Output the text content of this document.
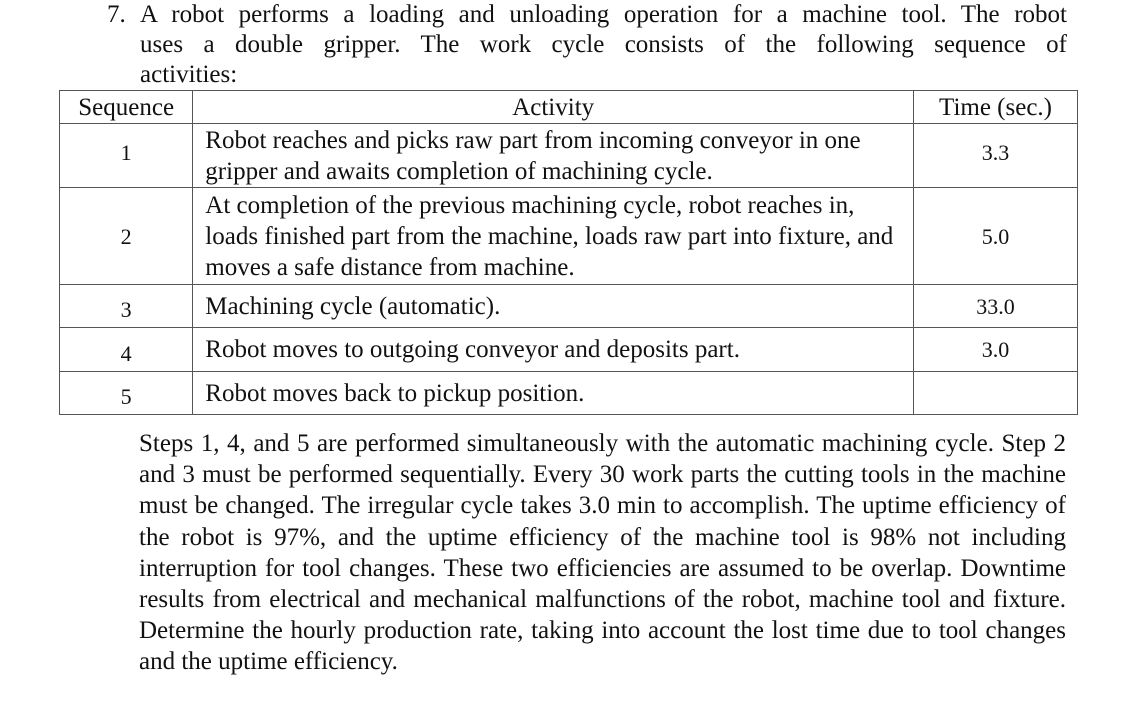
7. A robot performs a loading and unloading operation for a machine tool. The robot
uses a double gripper. The work cycle consists of the following sequence of
activities:
Sequence	Activity	Time (sec.)
1	Robot reaches and picks raw part from incoming conveyor in one gripper and awaits completion of machining cycle.	3.3
2	At completion of the previous machining cycle, robot reaches in, loads finished part from the machine, loads raw part into fixture, and moves a safe distance from machine.	5.0
3	Machining cycle (automatic).	33.0
4	Robot moves to outgoing conveyor and deposits part.	3.0
5	Robot moves back to pickup position.	
Steps 1, 4, and 5 are performed simultaneously with the automatic machining cycle. Step 2 and 3 must be performed sequentially. Every 30 work parts the cutting tools in the machine must be changed. The irregular cycle takes 3.0 min to accomplish. The uptime efficiency of the robot is 97%, and the uptime efficiency of the machine tool is 98% not including interruption for tool changes. These two efficiencies are assumed to be overlap. Downtime results from electrical and mechanical malfunctions of the robot, machine tool and fixture. Determine the hourly production rate, taking into account the lost time due to tool changes and the uptime efficiency.
